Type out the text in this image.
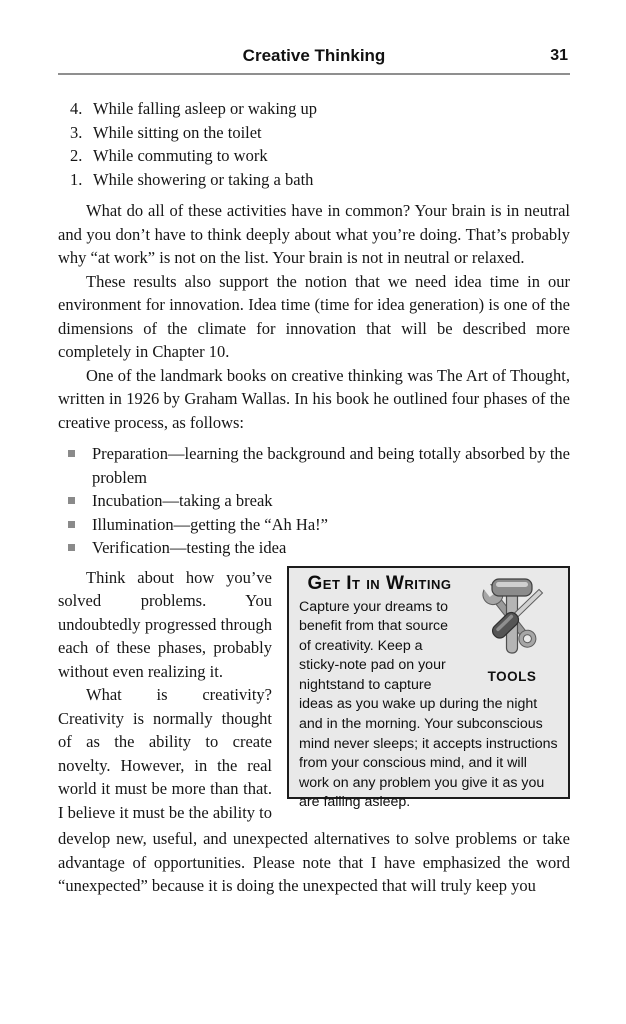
Creative Thinking	31
4. While falling asleep or waking up
3. While sitting on the toilet
2. While commuting to work
1. While showering or taking a bath

What do all of these activities have in common? Your brain is in neutral and you don’t have to think deeply about what you’re doing. That’s probably why “at work” is not on the list. Your brain is not in neutral or relaxed.

These results also support the notion that we need idea time in our environment for innovation. Idea time (time for idea generation) is one of the dimensions of the climate for innovation that will be described more completely in Chapter 10.

One of the landmark books on creative thinking was The Art of Thought, written in 1926 by Graham Wallas. In his book he outlined four phases of the creative process, as follows:

Preparation—learning the background and being totally absorbed by the problem
Incubation—taking a break
Illumination—getting the “Ah Ha!”
Verification—testing the idea

Think about how you’ve solved problems. You undoubtedly progressed through each of these phases, probably without even realizing it.

What is creativity? Creativity is normally thought of as the ability to create novelty. However, in the real world it must be more than that. I believe it must be the ability to

TOOLS
Get It in Writing

Capture your dreams to benefit from that source of creativity. Keep a sticky-note pad on your nightstand to capture ideas as you wake up during the night and in the morning. Your subconscious mind never sleeps; it accepts instructions from your conscious mind, and it will work on any problem you give it as you are falling asleep.

develop new, useful, and unexpected alternatives to solve problems or take advantage of opportunities. Please note that I have emphasized the word “unexpected” because it is doing the unexpected that will truly keep you
